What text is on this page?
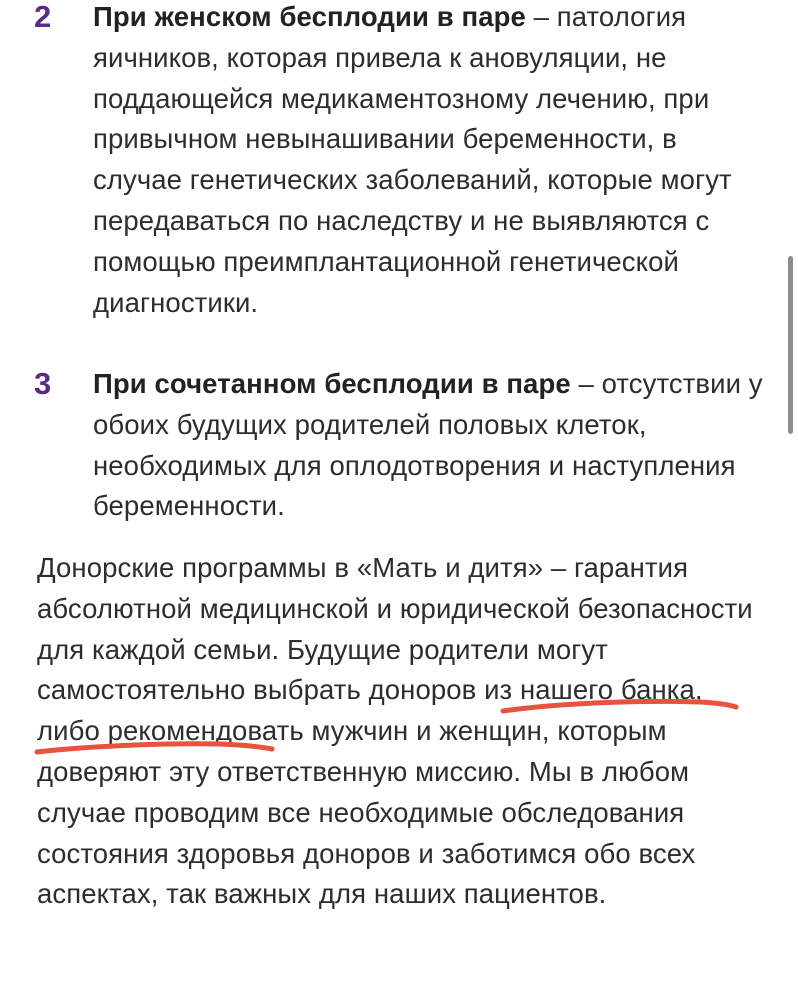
2 При женском бесплодии в паре – патология яичников, которая привела к ановуляции, не поддающейся медикаментозному лечению, при привычном невынашивании беременности, в случае генетических заболеваний, которые могут передаваться по наследству и не выявляются с помощью преимплантационной генетической диагностики.
3 При сочетанном бесплодии в паре – отсутствии у обоих будущих родителей половых клеток, необходимых для оплодотворения и наступления беременности.
Донорские программы в «Мать и дитя» – гарантия абсолютной медицинской и юридической безопасности для каждой семьи. Будущие родители могут самостоятельно выбрать доноров из нашего банка, либо рекомендовать мужчин и женщин, которым доверяют эту ответственную миссию. Мы в любом случае проводим все необходимые обследования состояния здоровья доноров и заботимся обо всех аспектах, так важных для наших пациентов.
